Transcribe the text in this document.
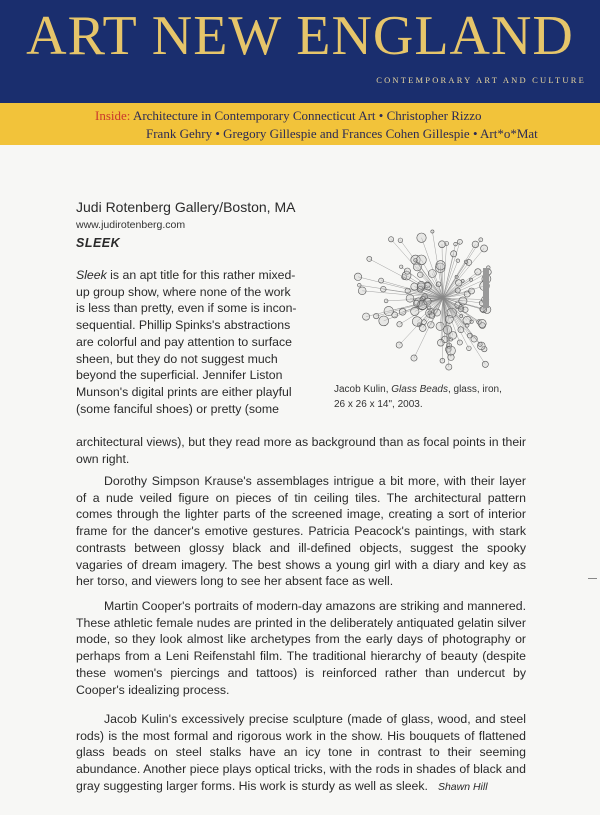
ART NEW ENGLAND
CONTEMPORARY ART AND CULTURE
Inside: Architecture in Contemporary Connecticut Art • Christopher Rizzo
Frank Gehry • Gregory Gillespie and Frances Cohen Gillespie • Art*o*Mat
Judi Rotenberg Gallery/Boston, MA
www.judirotenberg.com
SLEEK
Jacob Kulin, Glass Beads, glass, iron, 26 x 26 x 14", 2003.
Sleek is an apt title for this rather mixed-
up group show, where none of the work
is less than pretty, even if some is incon-
sequential. Phillip Spinks's abstractions
are colorful and pay attention to surface
sheen, but they do not suggest much
beyond the superficial. Jennifer Liston
Munson's digital prints are either playful
(some fanciful shoes) or pretty (some
architectural views), but they read more as background than as focal points in their own right.
Dorothy Simpson Krause's assemblages intrigue a bit more, with their layer of a nude veiled figure on pieces of tin ceiling tiles. The architectural pattern comes through the lighter parts of the screened image, creating a sort of interior frame for the dancer's emotive gestures. Patricia Peacock's paintings, with stark contrasts between glossy black and ill-defined objects, suggest the spooky vagaries of dream imagery. The best shows a young girl with a diary and key as her torso, and viewers long to see her absent face as well.
Martin Cooper's portraits of modern-day amazons are striking and mannered. These athletic female nudes are printed in the deliberately antiquated gelatin silver mode, so they look almost like archetypes from the early days of photography or perhaps from a Leni Reifenstahl film. The traditional hierarchy of beauty (despite these women's piercings and tattoos) is reinforced rather than undercut by Cooper's idealizing process.
Jacob Kulin's excessively precise sculpture (made of glass, wood, and steel rods) is the most formal and rigorous work in the show. His bouquets of flattened glass beads on steel stalks have an icy tone in contrast to their seeming abundance. Another piece plays optical tricks, with the rods in shades of black and gray suggesting larger forms. His work is sturdy as well as sleek. Shawn Hill
